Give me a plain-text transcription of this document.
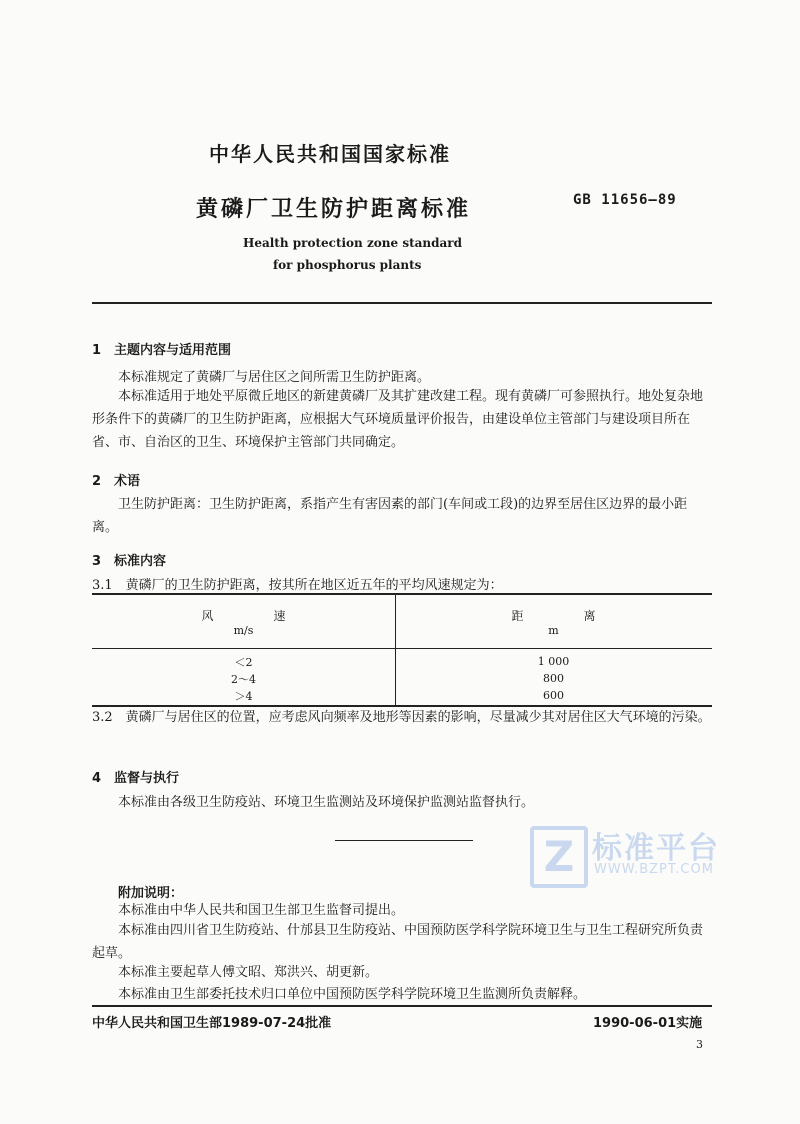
中华人民共和国国家标准
黄磷厂卫生防护距离标准	GB 11656—89
Health protection zone standard
for phosphorus plants
1　主题内容与适用范围
本标准规定了黄磷厂与居住区之间所需卫生防护距离。
本标准适用于地处平原微丘地区的新建黄磷厂及其扩建改建工程。现有黄磷厂可参照执行。地处复杂地形条件下的黄磷厂的卫生防护距离，应根据大气环境质量评价报告，由建设单位主管部门与建设项目所在省、市、自治区的卫生、环境保护主管部门共同确定。
2　术语
卫生防护距离：卫生防护距离，系指产生有害因素的部门(车间或工段)的边界至居住区边界的最小距离。
3　标准内容
3.1　黄磷厂的卫生防护距离，按其所在地区近五年的平均风速规定为：
风　　　　　速	距　　　　　离
m/s	m

＜2	1 000
2～4	800
＞4	600
3.2　黄磷厂与居住区的位置，应考虑风向频率及地形等因素的影响，尽量减少其对居住区大气环境的污染。
4　监督与执行
本标准由各级卫生防疫站、环境卫生监测站及环境保护监测站监督执行。
Z 标准平台
WWW.BZPT.COM
附加说明：
本标准由中华人民共和国卫生部卫生监督司提出。
本标准由四川省卫生防疫站、什邡县卫生防疫站、中国预防医学科学院环境卫生与卫生工程研究所负责起草。
本标准主要起草人傅文昭、郑洪兴、胡更新。
本标准由卫生部委托技术归口单位中国预防医学科学院环境卫生监测所负责解释。
中华人民共和国卫生部1989-07-24批准	1990-06-01实施
3
